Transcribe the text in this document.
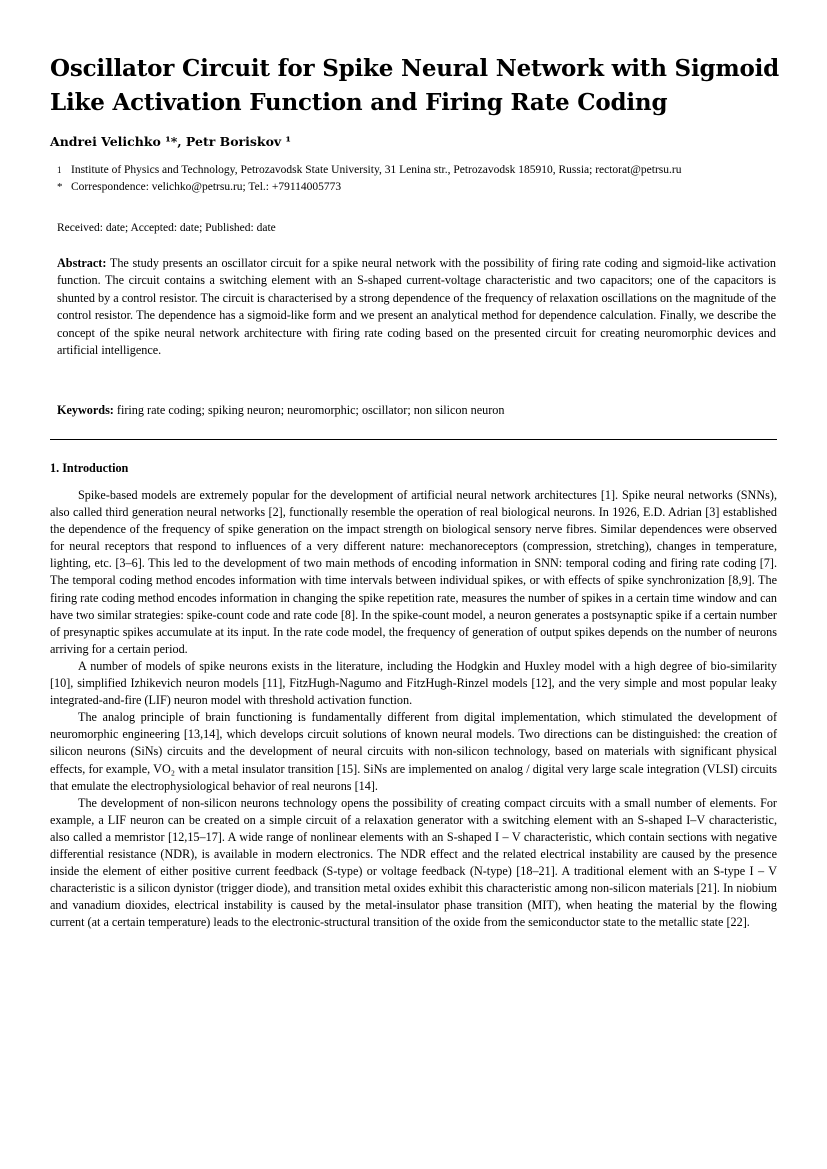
Oscillator Circuit for Spike Neural Network with Sigmoid Like Activation Function and Firing Rate Coding
Andrei Velichko ¹*, Petr Boriskov ¹
1 Institute of Physics and Technology, Petrozavodsk State University, 31 Lenina str., Petrozavodsk 185910, Russia; rectorat@petrsu.ru
* Correspondence: velichko@petrsu.ru; Tel.: +79114005773
Received: date; Accepted: date; Published: date
Abstract: The study presents an oscillator circuit for a spike neural network with the possibility of firing rate coding and sigmoid-like activation function. The circuit contains a switching element with an S-shaped current-voltage characteristic and two capacitors; one of the capacitors is shunted by a control resistor. The circuit is characterised by a strong dependence of the frequency of relaxation oscillations on the magnitude of the control resistor. The dependence has a sigmoid-like form and we present an analytical method for dependence calculation. Finally, we describe the concept of the spike neural network architecture with firing rate coding based on the presented circuit for creating neuromorphic devices and artificial intelligence.
Keywords: firing rate coding; spiking neuron; neuromorphic; oscillator; non silicon neuron
1. Introduction

Spike-based models are extremely popular for the development of artificial neural network architectures [1]. Spike neural networks (SNNs), also called third generation neural networks [2], functionally resemble the operation of real biological neurons. In 1926, E.D. Adrian [3] established the dependence of the frequency of spike generation on the impact strength on biological sensory nerve fibres. Similar dependences were observed for neural receptors that respond to influences of a very different nature: mechanoreceptors (compression, stretching), changes in temperature, lighting, etc. [3–6]. This led to the development of two main methods of encoding information in SNN: temporal coding and firing rate coding [7]. The temporal coding method encodes information with time intervals between individual spikes, or with effects of spike synchronization [8,9]. The firing rate coding method encodes information in changing the spike repetition rate, measures the number of spikes in a certain time window and can have two similar strategies: spike-count code and rate code [8]. In the spike-count model, a neuron generates a postsynaptic spike if a certain number of presynaptic spikes accumulate at its input. In the rate code model, the frequency of generation of output spikes depends on the number of neurons arriving for a certain period.

A number of models of spike neurons exists in the literature, including the Hodgkin and Huxley model with a high degree of bio-similarity [10], simplified Izhikevich neuron models [11], FitzHugh-Nagumo and FitzHugh-Rinzel models [12], and the very simple and most popular leaky integrated-and-fire (LIF) neuron model with threshold activation function.

The analog principle of brain functioning is fundamentally different from digital implementation, which stimulated the development of neuromorphic engineering [13,14], which develops circuit solutions of known neural models. Two directions can be distinguished: the creation of silicon neurons (SiNs) circuits and the development of neural circuits with non-silicon technology, based on materials with significant physical effects, for example, VO₂ with a metal insulator transition [15]. SiNs are implemented on analog / digital very large scale integration (VLSI) circuits that emulate the electrophysiological behavior of real neurons [14].

The development of non-silicon neurons technology opens the possibility of creating compact circuits with a small number of elements. For example, a LIF neuron can be created on a simple circuit of a relaxation generator with a switching element with an S-shaped I–V characteristic, also called a memristor [12,15–17]. A wide range of nonlinear elements with an S-shaped I – V characteristic, which contain sections with negative differential resistance (NDR), is available in modern electronics. The NDR effect and the related electrical instability are caused by the presence inside the element of either positive current feedback (S-type) or voltage feedback (N-type) [18–21]. A traditional element with an S-type I – V characteristic is a silicon dynistor (trigger diode), and transition metal oxides exhibit this characteristic among non-silicon materials [21]. In niobium and vanadium dioxides, electrical instability is caused by the metal-insulator phase transition (MIT), when heating the material by the flowing current (at a certain temperature) leads to the electronic-structural transition of the oxide from the semiconductor state to the metallic state [22].
